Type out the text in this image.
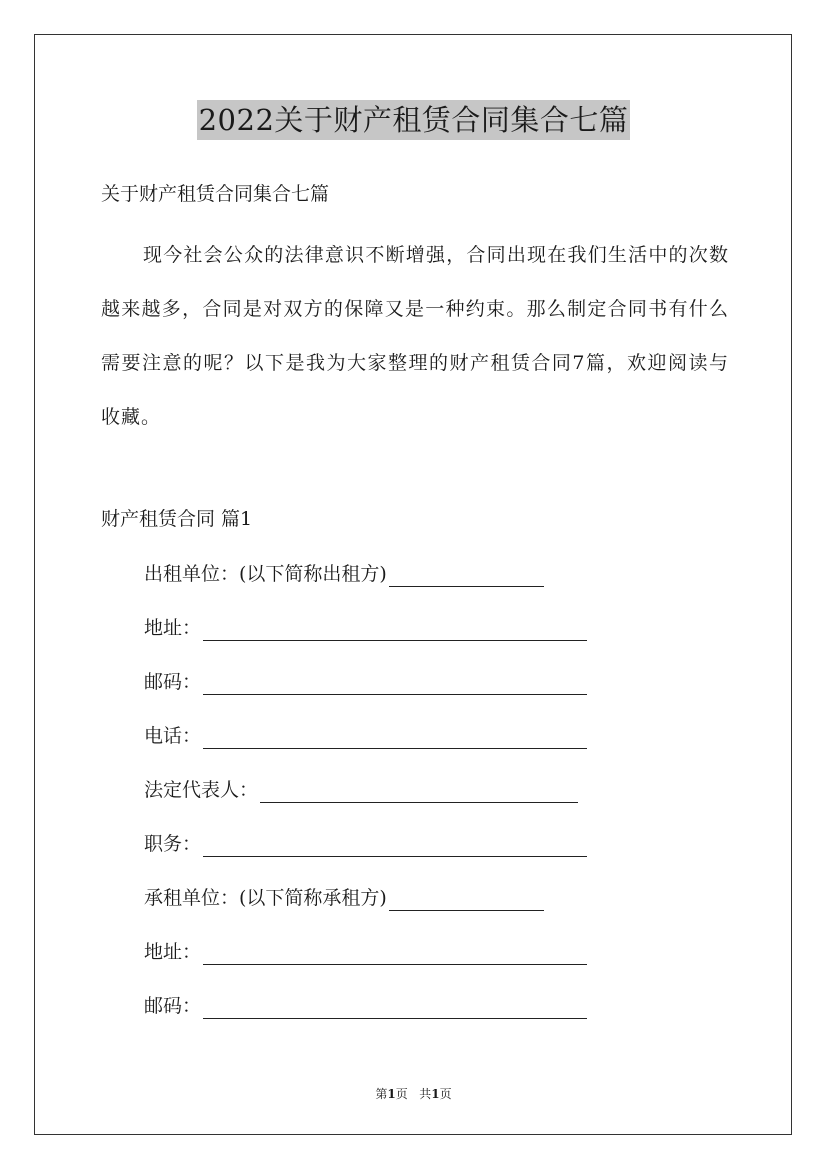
2022关于财产租赁合同集合七篇
关于财产租赁合同集合七篇
现今社会公众的法律意识不断增强，合同出现在我们生活中的次数越来越多，合同是对双方的保障又是一种约束。那么制定合同书有什么需要注意的呢？以下是我为大家整理的财产租赁合同7篇，欢迎阅读与收藏。
财产租赁合同 篇1
出租单位：(以下简称出租方)
地址：
邮码：
电话：
法定代表人：
职务：
承租单位：(以下简称承租方)
地址：
邮码：
第1页 共1页
